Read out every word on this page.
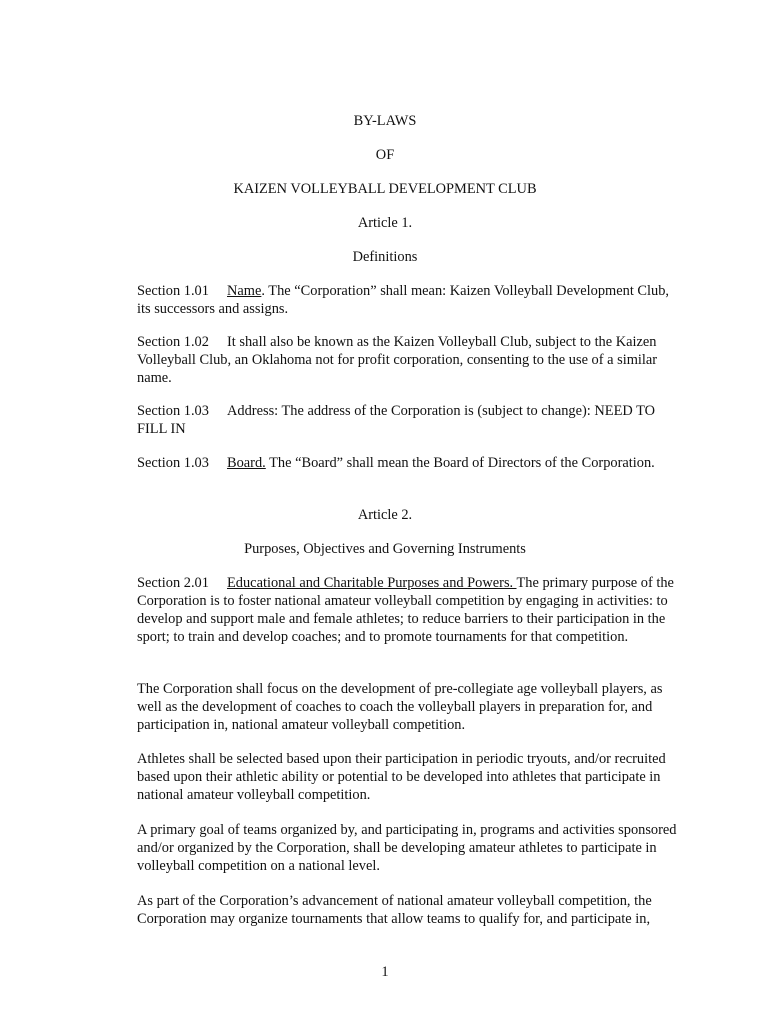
BY-LAWS

OF

KAIZEN VOLLEYBALL DEVELOPMENT CLUB

Article 1.

Definitions

Section 1.01 Name. The “Corporation” shall mean: Kaizen Volleyball Development Club, its successors and assigns.

Section 1.02 It shall also be known as the Kaizen Volleyball Club, subject to the Kaizen Volleyball Club, an Oklahoma not for profit corporation, consenting to the use of a similar name.

Section 1.03 Address: The address of the Corporation is (subject to change): NEED TO FILL IN

Section 1.03 Board. The “Board” shall mean the Board of Directors of the Corporation.

Article 2.

Purposes, Objectives and Governing Instruments

Section 2.01 Educational and Charitable Purposes and Powers. The primary purpose of the Corporation is to foster national amateur volleyball competition by engaging in activities: to develop and support male and female athletes; to reduce barriers to their participation in the sport; to train and develop coaches; and to promote tournaments for that competition.

The Corporation shall focus on the development of pre-collegiate age volleyball players, as well as the development of coaches to coach the volleyball players in preparation for, and participation in, national amateur volleyball competition.

Athletes shall be selected based upon their participation in periodic tryouts, and/or recruited based upon their athletic ability or potential to be developed into athletes that participate in national amateur volleyball competition.

A primary goal of teams organized by, and participating in, programs and activities sponsored and/or organized by the Corporation, shall be developing amateur athletes to participate in volleyball competition on a national level.

As part of the Corporation’s advancement of national amateur volleyball competition, the Corporation may organize tournaments that allow teams to qualify for, and participate in,

1
